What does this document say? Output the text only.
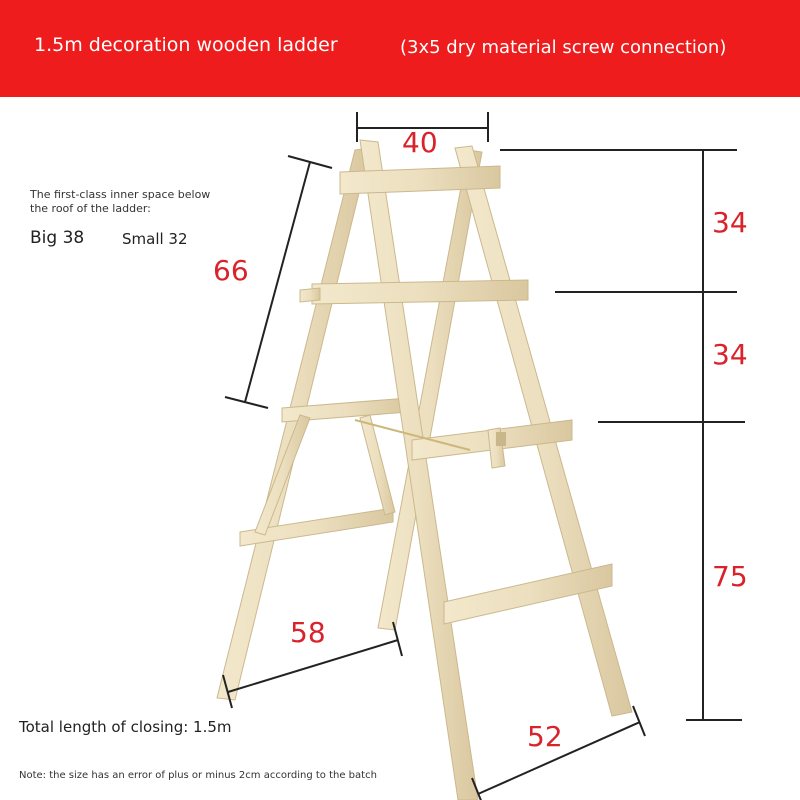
1.5m decoration wooden ladder	(3x5 dry material screw connection)
40
66
34
34
75
58
52
The first-class inner space below the roof of the ladder:
Big 38	Small 32
Total length of closing: 1.5m
Note: the size has an error of plus or minus 2cm according to the batch
